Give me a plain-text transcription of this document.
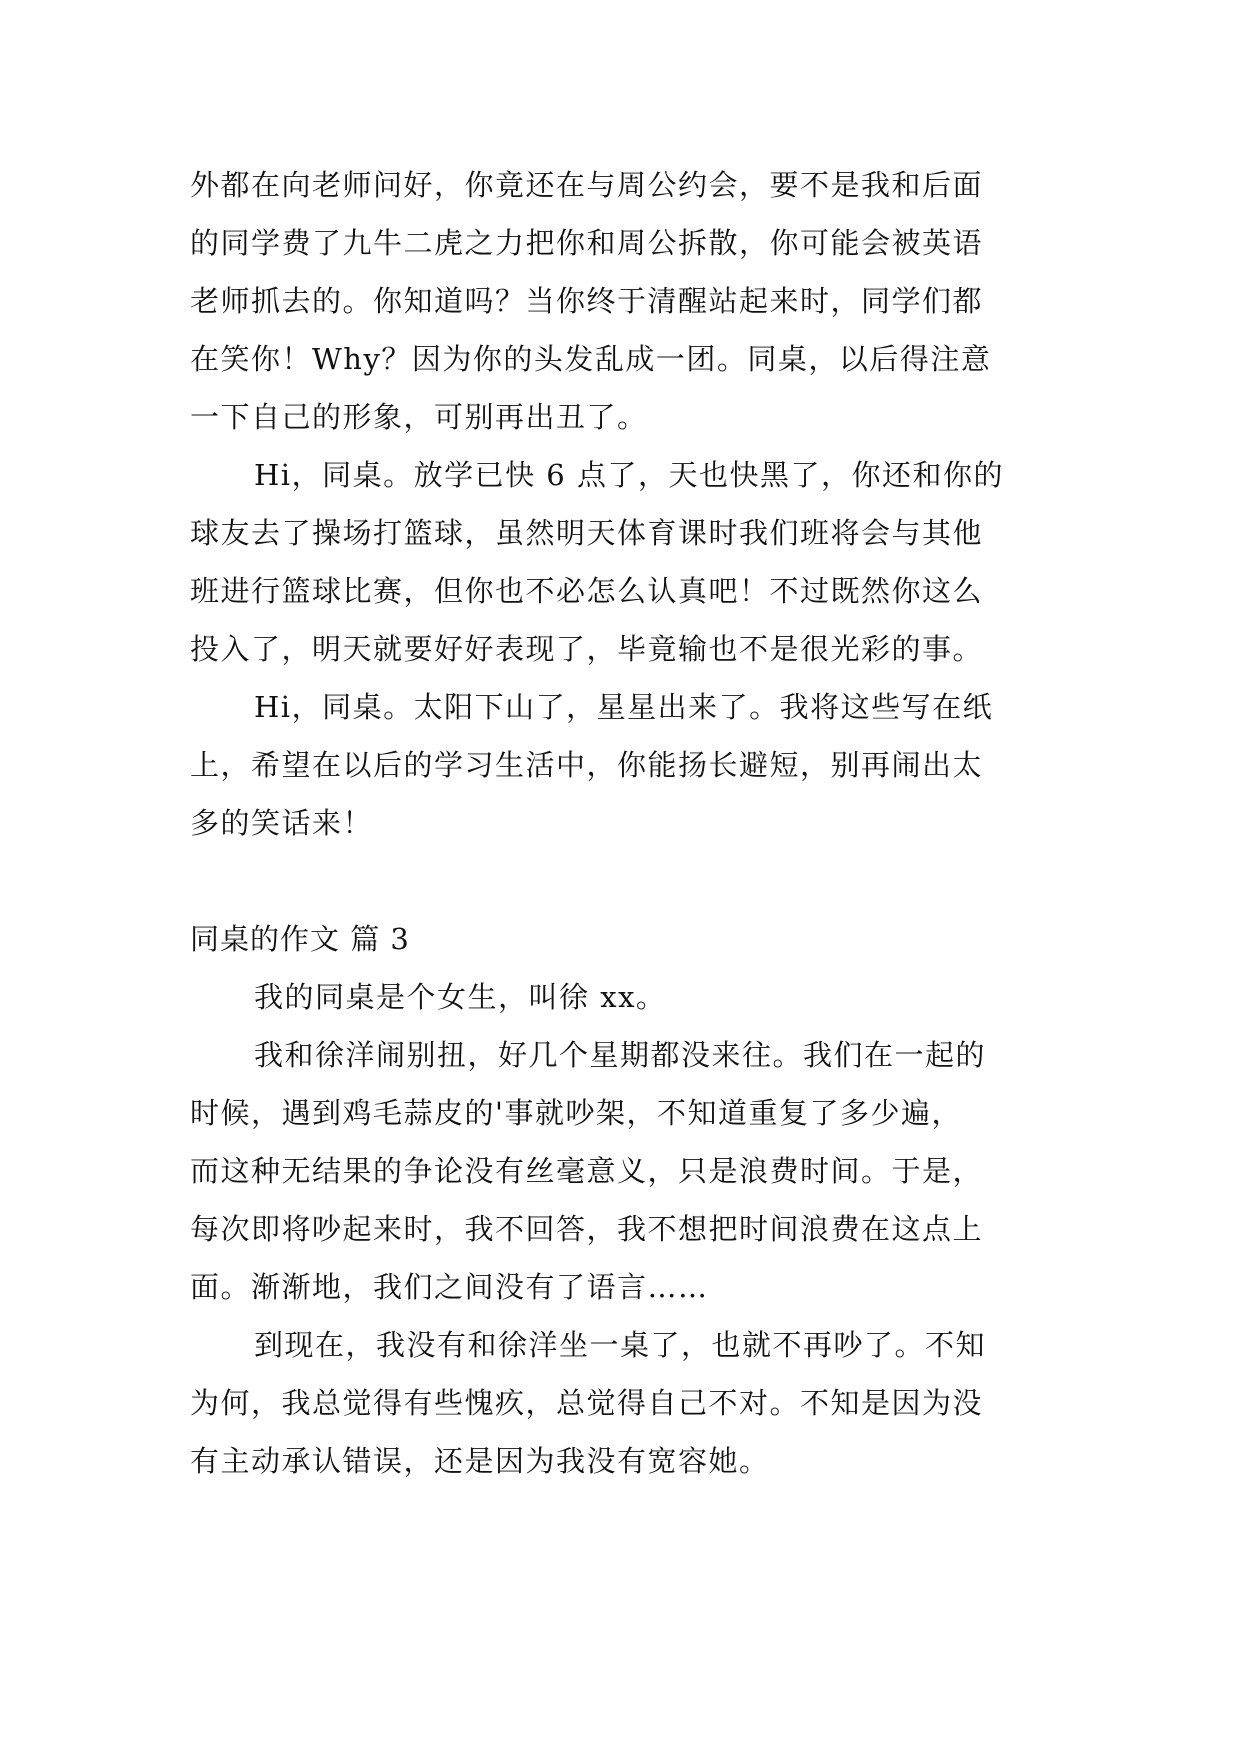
外都在向老师问好，你竟还在与周公约会，要不是我和后面
的同学费了九牛二虎之力把你和周公拆散，你可能会被英语
老师抓去的。你知道吗？当你终于清醒站起来时，同学们都
在笑你！Why？因为你的头发乱成一团。同桌，以后得注意
一下自己的形象，可别再出丑了。
Hi，同桌。放学已快 6 点了，天也快黑了，你还和你的
球友去了操场打篮球，虽然明天体育课时我们班将会与其他
班进行篮球比赛，但你也不必怎么认真吧！不过既然你这么
投入了，明天就要好好表现了，毕竟输也不是很光彩的事。
Hi，同桌。太阳下山了，星星出来了。我将这些写在纸
上，希望在以后的学习生活中，你能扬长避短，别再闹出太
多的笑话来！
同桌的作文 篇 3
我的同桌是个女生，叫徐 xx。
我和徐洋闹别扭，好几个星期都没来往。我们在一起的
时候，遇到鸡毛蒜皮的'事就吵架，不知道重复了多少遍，
而这种无结果的争论没有丝毫意义，只是浪费时间。于是，
每次即将吵起来时，我不回答，我不想把时间浪费在这点上
面。渐渐地，我们之间没有了语言……
到现在，我没有和徐洋坐一桌了，也就不再吵了。不知
为何，我总觉得有些愧疚，总觉得自己不对。不知是因为没
有主动承认错误，还是因为我没有宽容她。
